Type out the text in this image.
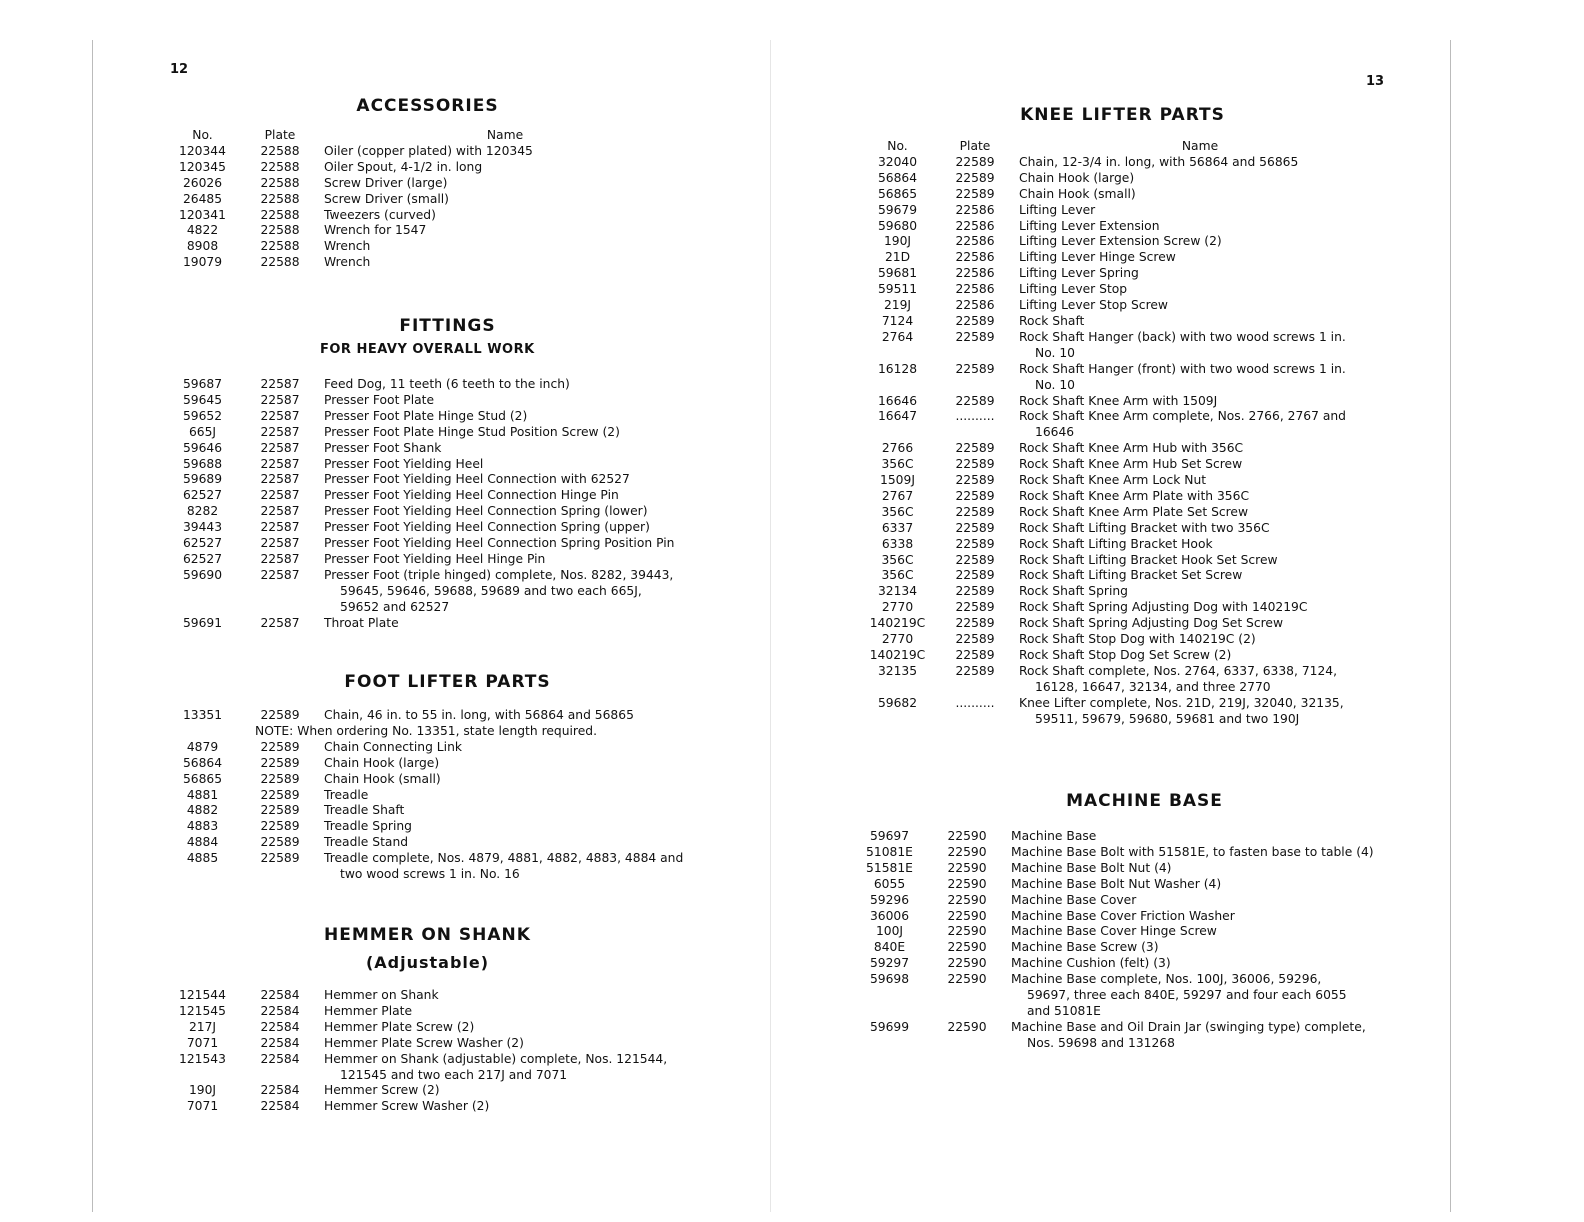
12
ACCESSORIES
No.	Plate	Name
120344	22588	Oiler (copper plated) with 120345
120345	22588	Oiler Spout, 4-1/2 in. long
26026	22588	Screw Driver (large)
26485	22588	Screw Driver (small)
120341	22588	Tweezers (curved)
4822	22588	Wrench for 1547
8908	22588	Wrench
19079	22588	Wrench
FITTINGS
FOR HEAVY OVERALL WORK
59687	22587	Feed Dog, 11 teeth (6 teeth to the inch)
59645	22587	Presser Foot Plate
59652	22587	Presser Foot Plate Hinge Stud (2)
665J	22587	Presser Foot Plate Hinge Stud Position Screw (2)
59646	22587	Presser Foot Shank
59688	22587	Presser Foot Yielding Heel
59689	22587	Presser Foot Yielding Heel Connection with 62527
62527	22587	Presser Foot Yielding Heel Connection Hinge Pin
8282	22587	Presser Foot Yielding Heel Connection Spring (lower)
39443	22587	Presser Foot Yielding Heel Connection Spring (upper)
62527	22587	Presser Foot Yielding Heel Connection Spring Position Pin
62527	22587	Presser Foot Yielding Heel Hinge Pin
59690	22587	Presser Foot (triple hinged) complete, Nos. 8282, 39443,
59645, 59646, 59688, 59689 and two each 665J,
59652 and 62527

59691	22587	Throat Plate
FOOT LIFTER PARTS
13351	22589	Chain, 46 in. to 55 in. long, with 56864 and 56865
NOTE: When ordering No. 13351, state length required.		
4879	22589	Chain Connecting Link
56864	22589	Chain Hook (large)
56865	22589	Chain Hook (small)
4881	22589	Treadle
4882	22589	Treadle Shaft
4883	22589	Treadle Spring
4884	22589	Treadle Stand
4885	22589	Treadle complete, Nos. 4879, 4881, 4882, 4883, 4884 and
two wood screws 1 in. No. 16
HEMMER ON SHANK
(Adjustable)
121544	22584	Hemmer on Shank
121545	22584	Hemmer Plate
217J	22584	Hemmer Plate Screw (2)
7071	22584	Hemmer Plate Screw Washer (2)
121543	22584	Hemmer on Shank (adjustable) complete, Nos. 121544,
121545 and two each 217J and 7071

190J	22584	Hemmer Screw (2)
7071	22584	Hemmer Screw Washer (2)
13
KNEE LIFTER PARTS
No.	Plate	Name
32040	22589	Chain, 12-3/4 in. long, with 56864 and 56865
56864	22589	Chain Hook (large)
56865	22589	Chain Hook (small)
59679	22586	Lifting Lever
59680	22586	Lifting Lever Extension
190J	22586	Lifting Lever Extension Screw (2)
21D	22586	Lifting Lever Hinge Screw
59681	22586	Lifting Lever Spring
59511	22586	Lifting Lever Stop
219J	22586	Lifting Lever Stop Screw
7124	22589	Rock Shaft
2764	22589	Rock Shaft Hanger (back) with two wood screws 1 in.
No. 10

16128	22589	Rock Shaft Hanger (front) with two wood screws 1 in.
No. 10

16646	22589	Rock Shaft Knee Arm with 1509J
16647	..........	Rock Shaft Knee Arm complete, Nos. 2766, 2767 and
16646

2766	22589	Rock Shaft Knee Arm Hub with 356C
356C	22589	Rock Shaft Knee Arm Hub Set Screw
1509J	22589	Rock Shaft Knee Arm Lock Nut
2767	22589	Rock Shaft Knee Arm Plate with 356C
356C	22589	Rock Shaft Knee Arm Plate Set Screw
6337	22589	Rock Shaft Lifting Bracket with two 356C
6338	22589	Rock Shaft Lifting Bracket Hook
356C	22589	Rock Shaft Lifting Bracket Hook Set Screw
356C	22589	Rock Shaft Lifting Bracket Set Screw
32134	22589	Rock Shaft Spring
2770	22589	Rock Shaft Spring Adjusting Dog with 140219C
140219C	22589	Rock Shaft Spring Adjusting Dog Set Screw
2770	22589	Rock Shaft Stop Dog with 140219C (2)
140219C	22589	Rock Shaft Stop Dog Set Screw (2)
32135	22589	Rock Shaft complete, Nos. 2764, 6337, 6338, 7124,
16128, 16647, 32134, and three 2770

59682	..........	Knee Lifter complete, Nos. 21D, 219J, 32040, 32135,
59511, 59679, 59680, 59681 and two 190J
MACHINE BASE
59697	22590	Machine Base
51081E	22590	Machine Base Bolt with 51581E, to fasten base to table (4)
51581E	22590	Machine Base Bolt Nut (4)
6055	22590	Machine Base Bolt Nut Washer (4)
59296	22590	Machine Base Cover
36006	22590	Machine Base Cover Friction Washer
100J	22590	Machine Base Cover Hinge Screw
840E	22590	Machine Base Screw (3)
59297	22590	Machine Cushion (felt) (3)
59698	22590	Machine Base complete, Nos. 100J, 36006, 59296,
59697, three each 840E, 59297 and four each 6055
and 51081E

59699	22590	Machine Base and Oil Drain Jar (swinging type) complete,
Nos. 59698 and 131268
